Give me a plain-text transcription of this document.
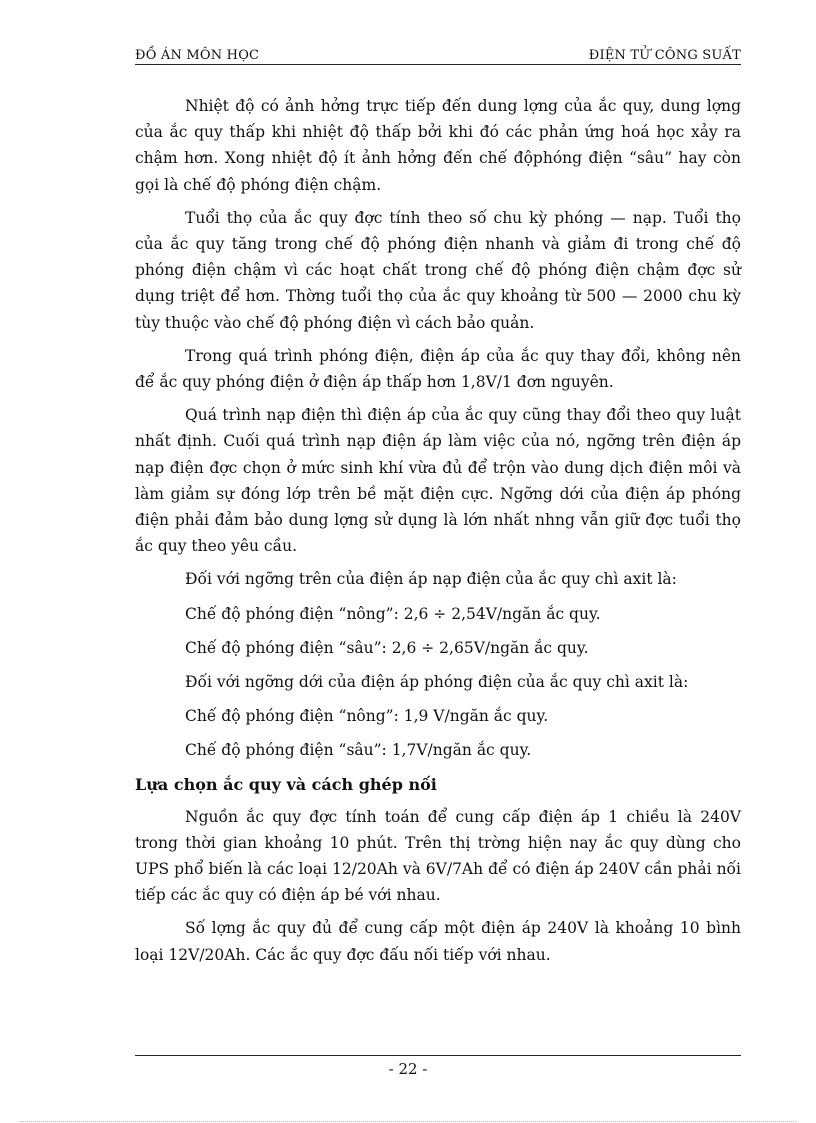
ĐỒ ÁN MÔN HỌC	ĐIỆN TỬ CÔNG SUẤT

Nhiệt độ có ảnh hởng trực tiếp đến dung lợng của ắc quy, dung lợng của ắc quy thấp khi nhiệt độ thấp bởi khi đó các phản ứng hoá học xảy ra chậm hơn. Xong nhiệt độ ít ảnh hởng đến chế độphóng điện “sâu” hay còn gọi là chế độ phóng điện chậm.

Tuổi thọ của ắc quy đợc tính theo số chu kỳ phóng — nạp. Tuổi thọ của ắc quy tăng trong chế độ phóng điện nhanh và giảm đi trong chế độ phóng điện chậm vì các hoạt chất trong chế độ phóng điện chậm đợc sử dụng triệt để hơn. Thờng tuổi thọ của ắc quy khoảng từ 500 — 2000 chu kỳ tùy thuộc vào chế độ phóng điện vì cách bảo quản.

Trong quá trình phóng điện, điện áp của ắc quy thay đổi, không nên để ắc quy phóng điện ở điện áp thấp hơn 1,8V/1 đơn nguyên.

Quá trình nạp điện thì điện áp của ắc quy cũng thay đổi theo quy luật nhất định. Cuối quá trình nạp điện áp làm việc của nó, ngỡng trên điện áp nạp điện đợc chọn ở mức sinh khí vừa đủ để trộn vào dung dịch điện môi và làm giảm sự đóng lớp trên bề mặt điện cực. Ngỡng dới của điện áp phóng điện phải đảm bảo dung lợng sử dụng là lớn nhất nhng vẫn giữ đợc tuổi thọ ắc quy theo yêu cầu.

Đối với ngỡng trên của điện áp nạp điện của ắc quy chì axit là:

Chế độ phóng điện “nông”: 2,6 ÷ 2,54V/ngăn ắc quy.

Chế độ phóng điện “sâu”: 2,6 ÷ 2,65V/ngăn ắc quy.

Đối với ngỡng dới của điện áp phóng điện của ắc quy chì axit là:

Chế độ phóng điện “nông”: 1,9 V/ngăn ắc quy.

Chế độ phóng điện “sâu”: 1,7V/ngăn ắc quy.

Lựa chọn ắc quy và cách ghép nối

Nguồn ắc quy đợc tính toán để cung cấp điện áp 1 chiều là 240V trong thời gian khoảng 10 phút. Trên thị trờng hiện nay ắc quy dùng cho UPS phổ biến là các loại 12/20Ah và 6V/7Ah để có điện áp 240V cần phải nối tiếp các ắc quy có điện áp bé với nhau.

Số lợng ắc quy đủ để cung cấp một điện áp 240V là khoảng 10 bình loại 12V/20Ah. Các ắc quy đợc đấu nối tiếp với nhau.

- 22 -
